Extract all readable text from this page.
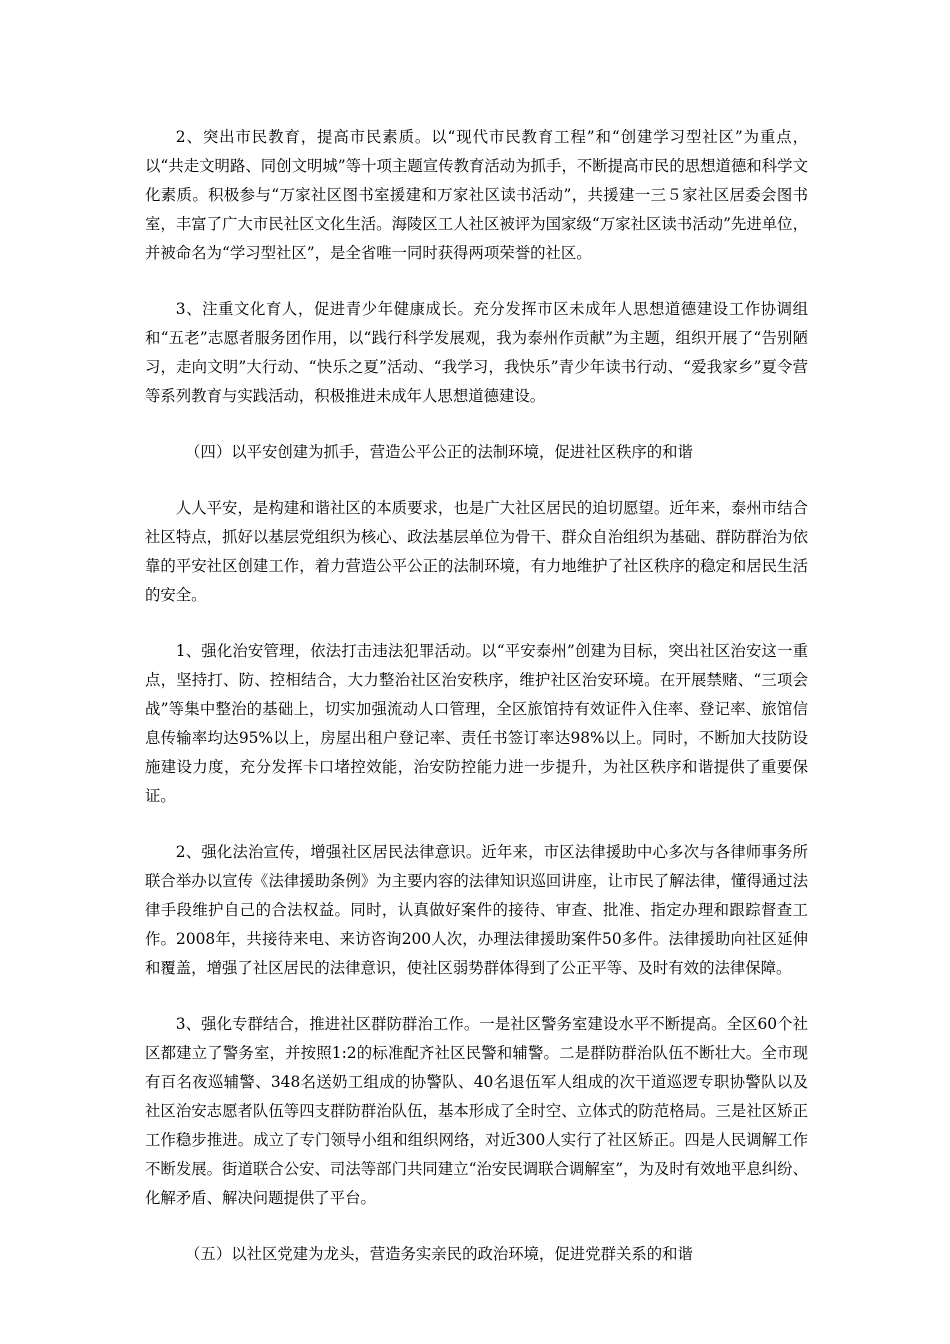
2、突出市民教育，提高市民素质。以“现代市民教育工程”和“创建学习型社区”为重点，以“共走文明路、同创文明城”等十项主题宣传教育活动为抓手，不断提高市民的思想道德和科学文化素质。积极参与“万家社区图书室援建和万家社区读书活动”，共援建一三５家社区居委会图书室，丰富了广大市民社区文化生活。海陵区工人社区被评为国家级“万家社区读书活动”先进单位，并被命名为“学习型社区”，是全省唯一同时获得两项荣誉的社区。

3、注重文化育人，促进青少年健康成长。充分发挥市区未成年人思想道德建设工作协调组和“五老”志愿者服务团作用，以“践行科学发展观，我为泰州作贡献”为主题，组织开展了“告别陋习，走向文明”大行动、“快乐之夏”活动、“我学习，我快乐”青少年读书行动、“爱我家乡”夏令营等系列教育与实践活动，积极推进未成年人思想道德建设。

（四）以平安创建为抓手，营造公平公正的法制环境，促进社区秩序的和谐

人人平安，是构建和谐社区的本质要求，也是广大社区居民的迫切愿望。近年来，泰州市结合社区特点，抓好以基层党组织为核心、政法基层单位为骨干、群众自治组织为基础、群防群治为依靠的平安社区创建工作，着力营造公平公正的法制环境，有力地维护了社区秩序的稳定和居民生活的安全。

1、强化治安管理，依法打击违法犯罪活动。以“平安泰州”创建为目标，突出社区治安这一重点，坚持打、防、控相结合，大力整治社区治安秩序，维护社区治安环境。在开展禁赌、“三项会战”等集中整治的基础上，切实加强流动人口管理，全区旅馆持有效证件入住率、登记率、旅馆信息传输率均达95%以上，房屋出租户登记率、责任书签订率达98%以上。同时，不断加大技防设施建设力度，充分发挥卡口堵控效能，治安防控能力进一步提升，为社区秩序和谐提供了重要保证。

2、强化法治宣传，增强社区居民法律意识。近年来，市区法律援助中心多次与各律师事务所联合举办以宣传《法律援助条例》为主要内容的法律知识巡回讲座，让市民了解法律，懂得通过法律手段维护自己的合法权益。同时，认真做好案件的接待、审查、批准、指定办理和跟踪督查工作。2008年，共接待来电、来访咨询200人次，办理法律援助案件50多件。法律援助向社区延伸和覆盖，增强了社区居民的法律意识，使社区弱势群体得到了公正平等、及时有效的法律保障。

3、强化专群结合，推进社区群防群治工作。一是社区警务室建设水平不断提高。全区60个社区都建立了警务室，并按照1:2的标准配齐社区民警和辅警。二是群防群治队伍不断壮大。全市现有百名夜巡辅警、348名送奶工组成的协警队、40名退伍军人组成的次干道巡逻专职协警队以及社区治安志愿者队伍等四支群防群治队伍，基本形成了全时空、立体式的防范格局。三是社区矫正工作稳步推进。成立了专门领导小组和组织网络，对近300人实行了社区矫正。四是人民调解工作不断发展。街道联合公安、司法等部门共同建立“治安民调联合调解室”，为及时有效地平息纠纷、化解矛盾、解决问题提供了平台。

（五）以社区党建为龙头，营造务实亲民的政治环境，促进党群关系的和谐
